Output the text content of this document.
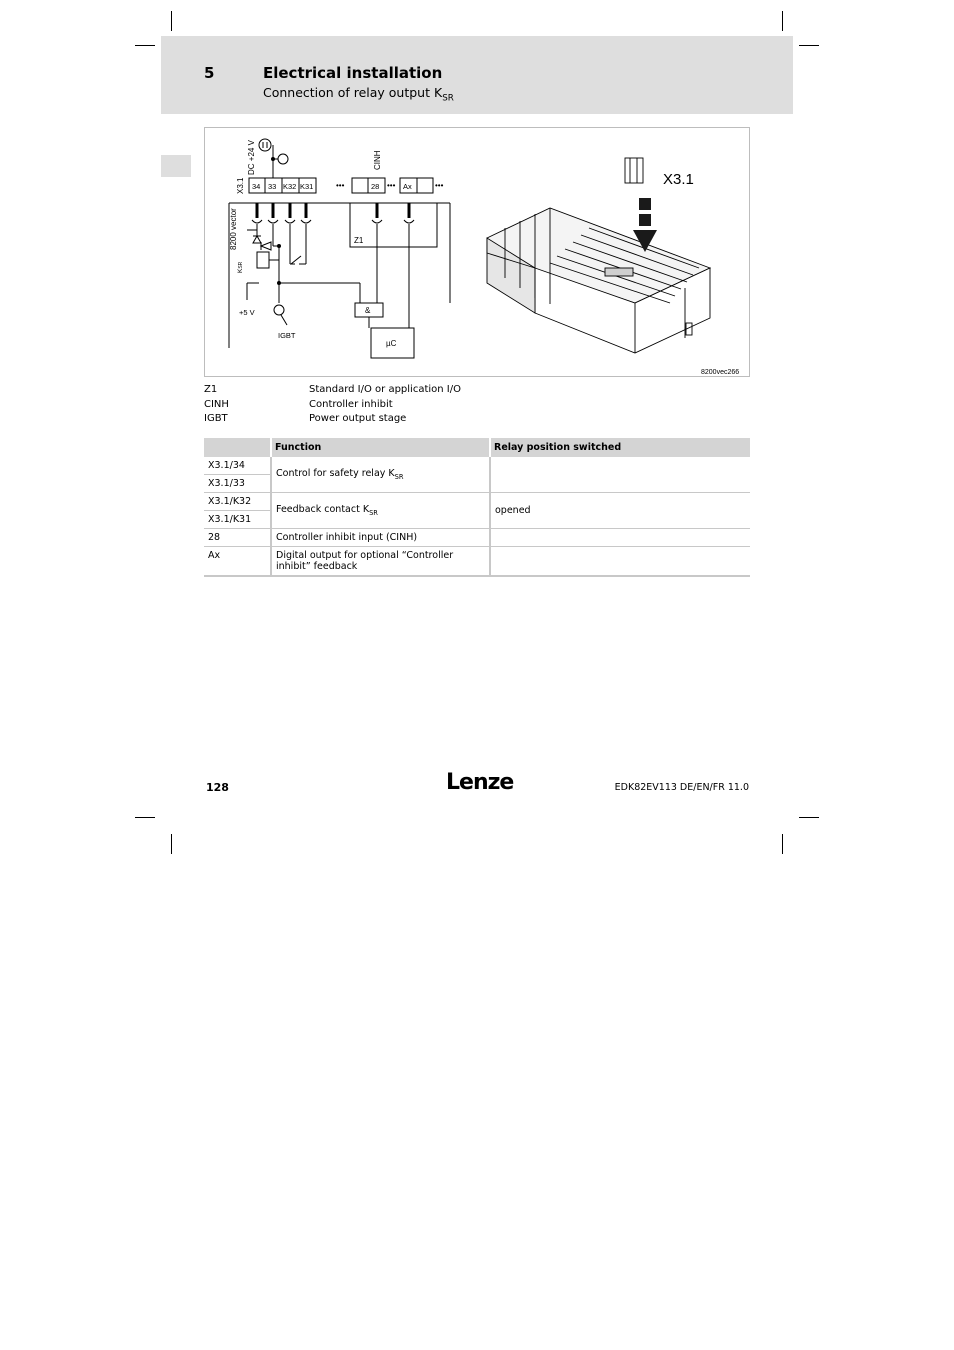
5	Electrical installation
Connection of relay output $K_{SR}$
DC +24 V
X3.1
8200 vector
CINH
34 33 K32 K31	•••	28 ••• Ax	•••
Z1
KSR
+5 V
IGBT
&
µC
X3.1
8200vec266
Z1	Standard I/O or application I/O
CINH	Controller inhibit
IGBT	Power output stage
	Function	Relay position switched
X3.1/34	Control for safety relay $K_{SR}$	
X3.1/33		
X3.1/K32	Feedback contact $K_{SR}$	opened
X3.1/K31		
28	Controller inhibit input (CINH)	
Ax	Digital output for optional “Controller inhibit” feedback	
128	Lenze	EDK82EV113 DE/EN/FR 11.0
